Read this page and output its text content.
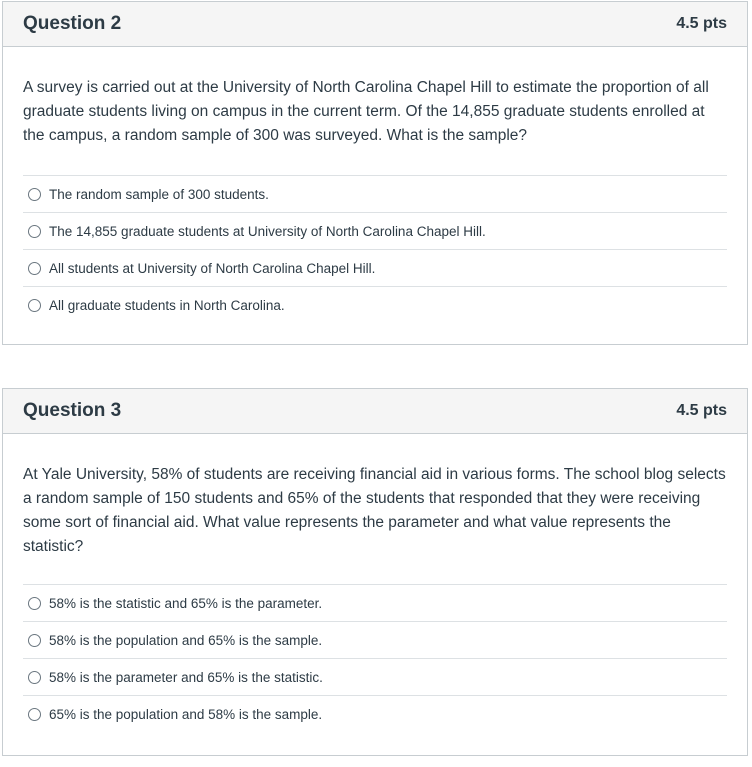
Question 2	4.5 pts

A survey is carried out at the University of North Carolina Chapel Hill to estimate the proportion of all graduate students living on campus in the current term. Of the 14,855 graduate students enrolled at the campus, a random sample of 300 was surveyed. What is the sample?

The random sample of 300 students.
The 14,855 graduate students at University of North Carolina Chapel Hill.
All students at University of North Carolina Chapel Hill.
All graduate students in North Carolina.
Question 3	4.5 pts

At Yale University, 58% of students are receiving financial aid in various forms. The school blog selects a random sample of 150 students and 65% of the students that responded that they were receiving some sort of financial aid. What value represents the parameter and what value represents the statistic?

58% is the statistic and 65% is the parameter.
58% is the population and 65% is the sample.
58% is the parameter and 65% is the statistic.
65% is the population and 58% is the sample.
